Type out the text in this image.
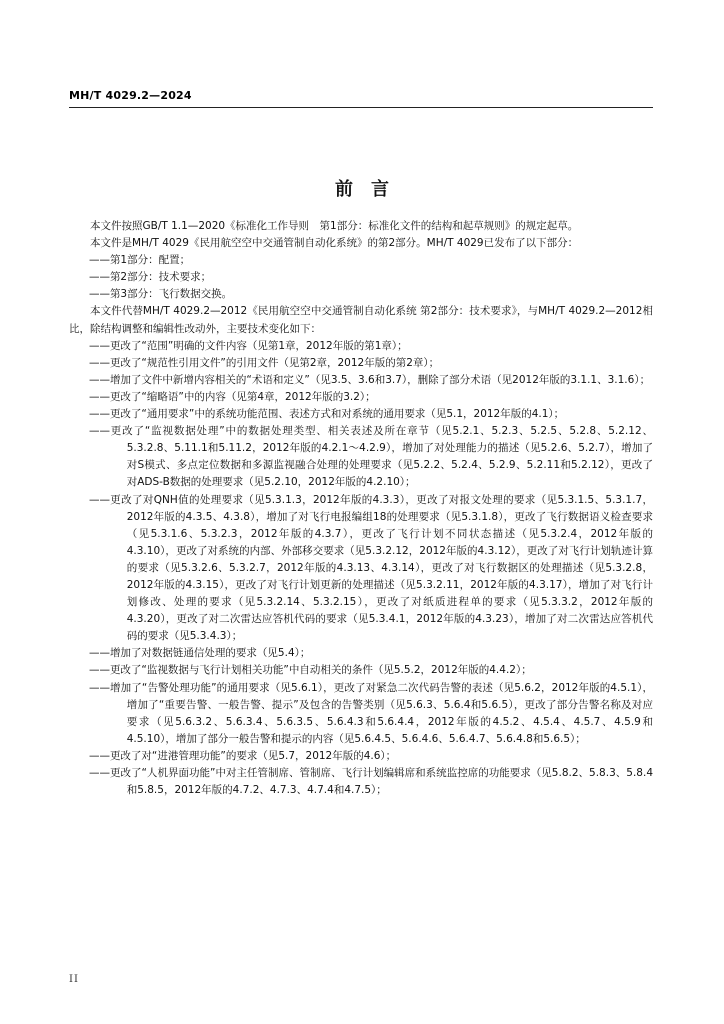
MH/T 4029.2—2024
前言

本文件按照GB/T 1.1—2020《标准化工作导则　第1部分：标准化文件的结构和起草规则》的规定起草。

本文件是MH/T 4029《民用航空空中交通管制自动化系统》的第2部分。MH/T 4029已发布了以下部分：

——第1部分：配置；

——第2部分：技术要求；

——第3部分：飞行数据交换。

本文件代替MH/T 4029.2—2012《民用航空空中交通管制自动化系统 第2部分：技术要求》，与MH/T 4029.2—2012相比，除结构调整和编辑性改动外，主要技术变化如下：

——更改了“范围”明确的文件内容（见第1章，2012年版的第1章）；

——更改了“规范性引用文件”的引用文件（见第2章，2012年版的第2章）；

——增加了文件中新增内容相关的“术语和定义”（见3.5、3.6和3.7），删除了部分术语（见2012年版的3.1.1、3.1.6）；

——更改了“缩略语”中的内容（见第4章，2012年版的3.2）；

——更改了“通用要求”中的系统功能范围、表述方式和对系统的通用要求（见5.1，2012年版的4.1）；

——更改了“监视数据处理”中的数据处理类型、相关表述及所在章节（见5.2.1、5.2.3、5.2.5、5.2.8、5.2.12、5.3.2.8、5.11.1和5.11.2，2012年版的4.2.1～4.2.9），增加了对处理能力的描述（见5.2.6、5.2.7），增加了对S模式、多点定位数据和多源监视融合处理的处理要求（见5.2.2、5.2.4、5.2.9、5.2.11和5.2.12），更改了对ADS-B数据的处理要求（见5.2.10，2012年版的4.2.10）；

——更改了对QNH值的处理要求（见5.3.1.3，2012年版的4.3.3），更改了对报文处理的要求（见5.3.1.5、5.3.1.7，2012年版的4.3.5、4.3.8），增加了对飞行电报编组18的处理要求（见5.3.1.8），更改了飞行数据语义检查要求（见5.3.1.6、5.3.2.3，2012年版的4.3.7），更改了飞行计划不同状态描述（见5.3.2.4，2012年版的4.3.10），更改了对系统的内部、外部移交要求（见5.3.2.12，2012年版的4.3.12），更改了对飞行计划轨迹计算的要求（见5.3.2.6、5.3.2.7，2012年版的4.3.13、4.3.14），更改了对飞行数据区的处理描述（见5.3.2.8，2012年版的4.3.15），更改了对飞行计划更新的处理描述（见5.3.2.11，2012年版的4.3.17），增加了对飞行计划修改、处理的要求（见5.3.2.14、5.3.2.15），更改了对纸质进程单的要求（见5.3.3.2，2012年版的4.3.20），更改了对二次雷达应答机代码的要求（见5.3.4.1，2012年版的4.3.23），增加了对二次雷达应答机代码的要求（见5.3.4.3）；

——增加了对数据链通信处理的要求（见5.4）；

——更改了“监视数据与飞行计划相关功能”中自动相关的条件（见5.5.2，2012年版的4.4.2）；

——增加了“告警处理功能”的通用要求（见5.6.1），更改了对紧急二次代码告警的表述（见5.6.2，2012年版的4.5.1），增加了“重要告警、一般告警、提示”及包含的告警类别（见5.6.3、5.6.4和5.6.5），更改了部分告警名称及对应要求（见5.6.3.2、5.6.3.4、5.6.3.5、5.6.4.3和5.6.4.4，2012年版的4.5.2、4.5.4、4.5.7、4.5.9和4.5.10），增加了部分一般告警和提示的内容（见5.6.4.5、5.6.4.6、5.6.4.7、5.6.4.8和5.6.5）；

——更改了对“进港管理功能”的要求（见5.7，2012年版的4.6）；

——更改了“人机界面功能”中对主任管制席、管制席、飞行计划编辑席和系统监控席的功能要求（见5.8.2、5.8.3、5.8.4和5.8.5，2012年版的4.7.2、4.7.3、4.7.4和4.7.5）；

II
